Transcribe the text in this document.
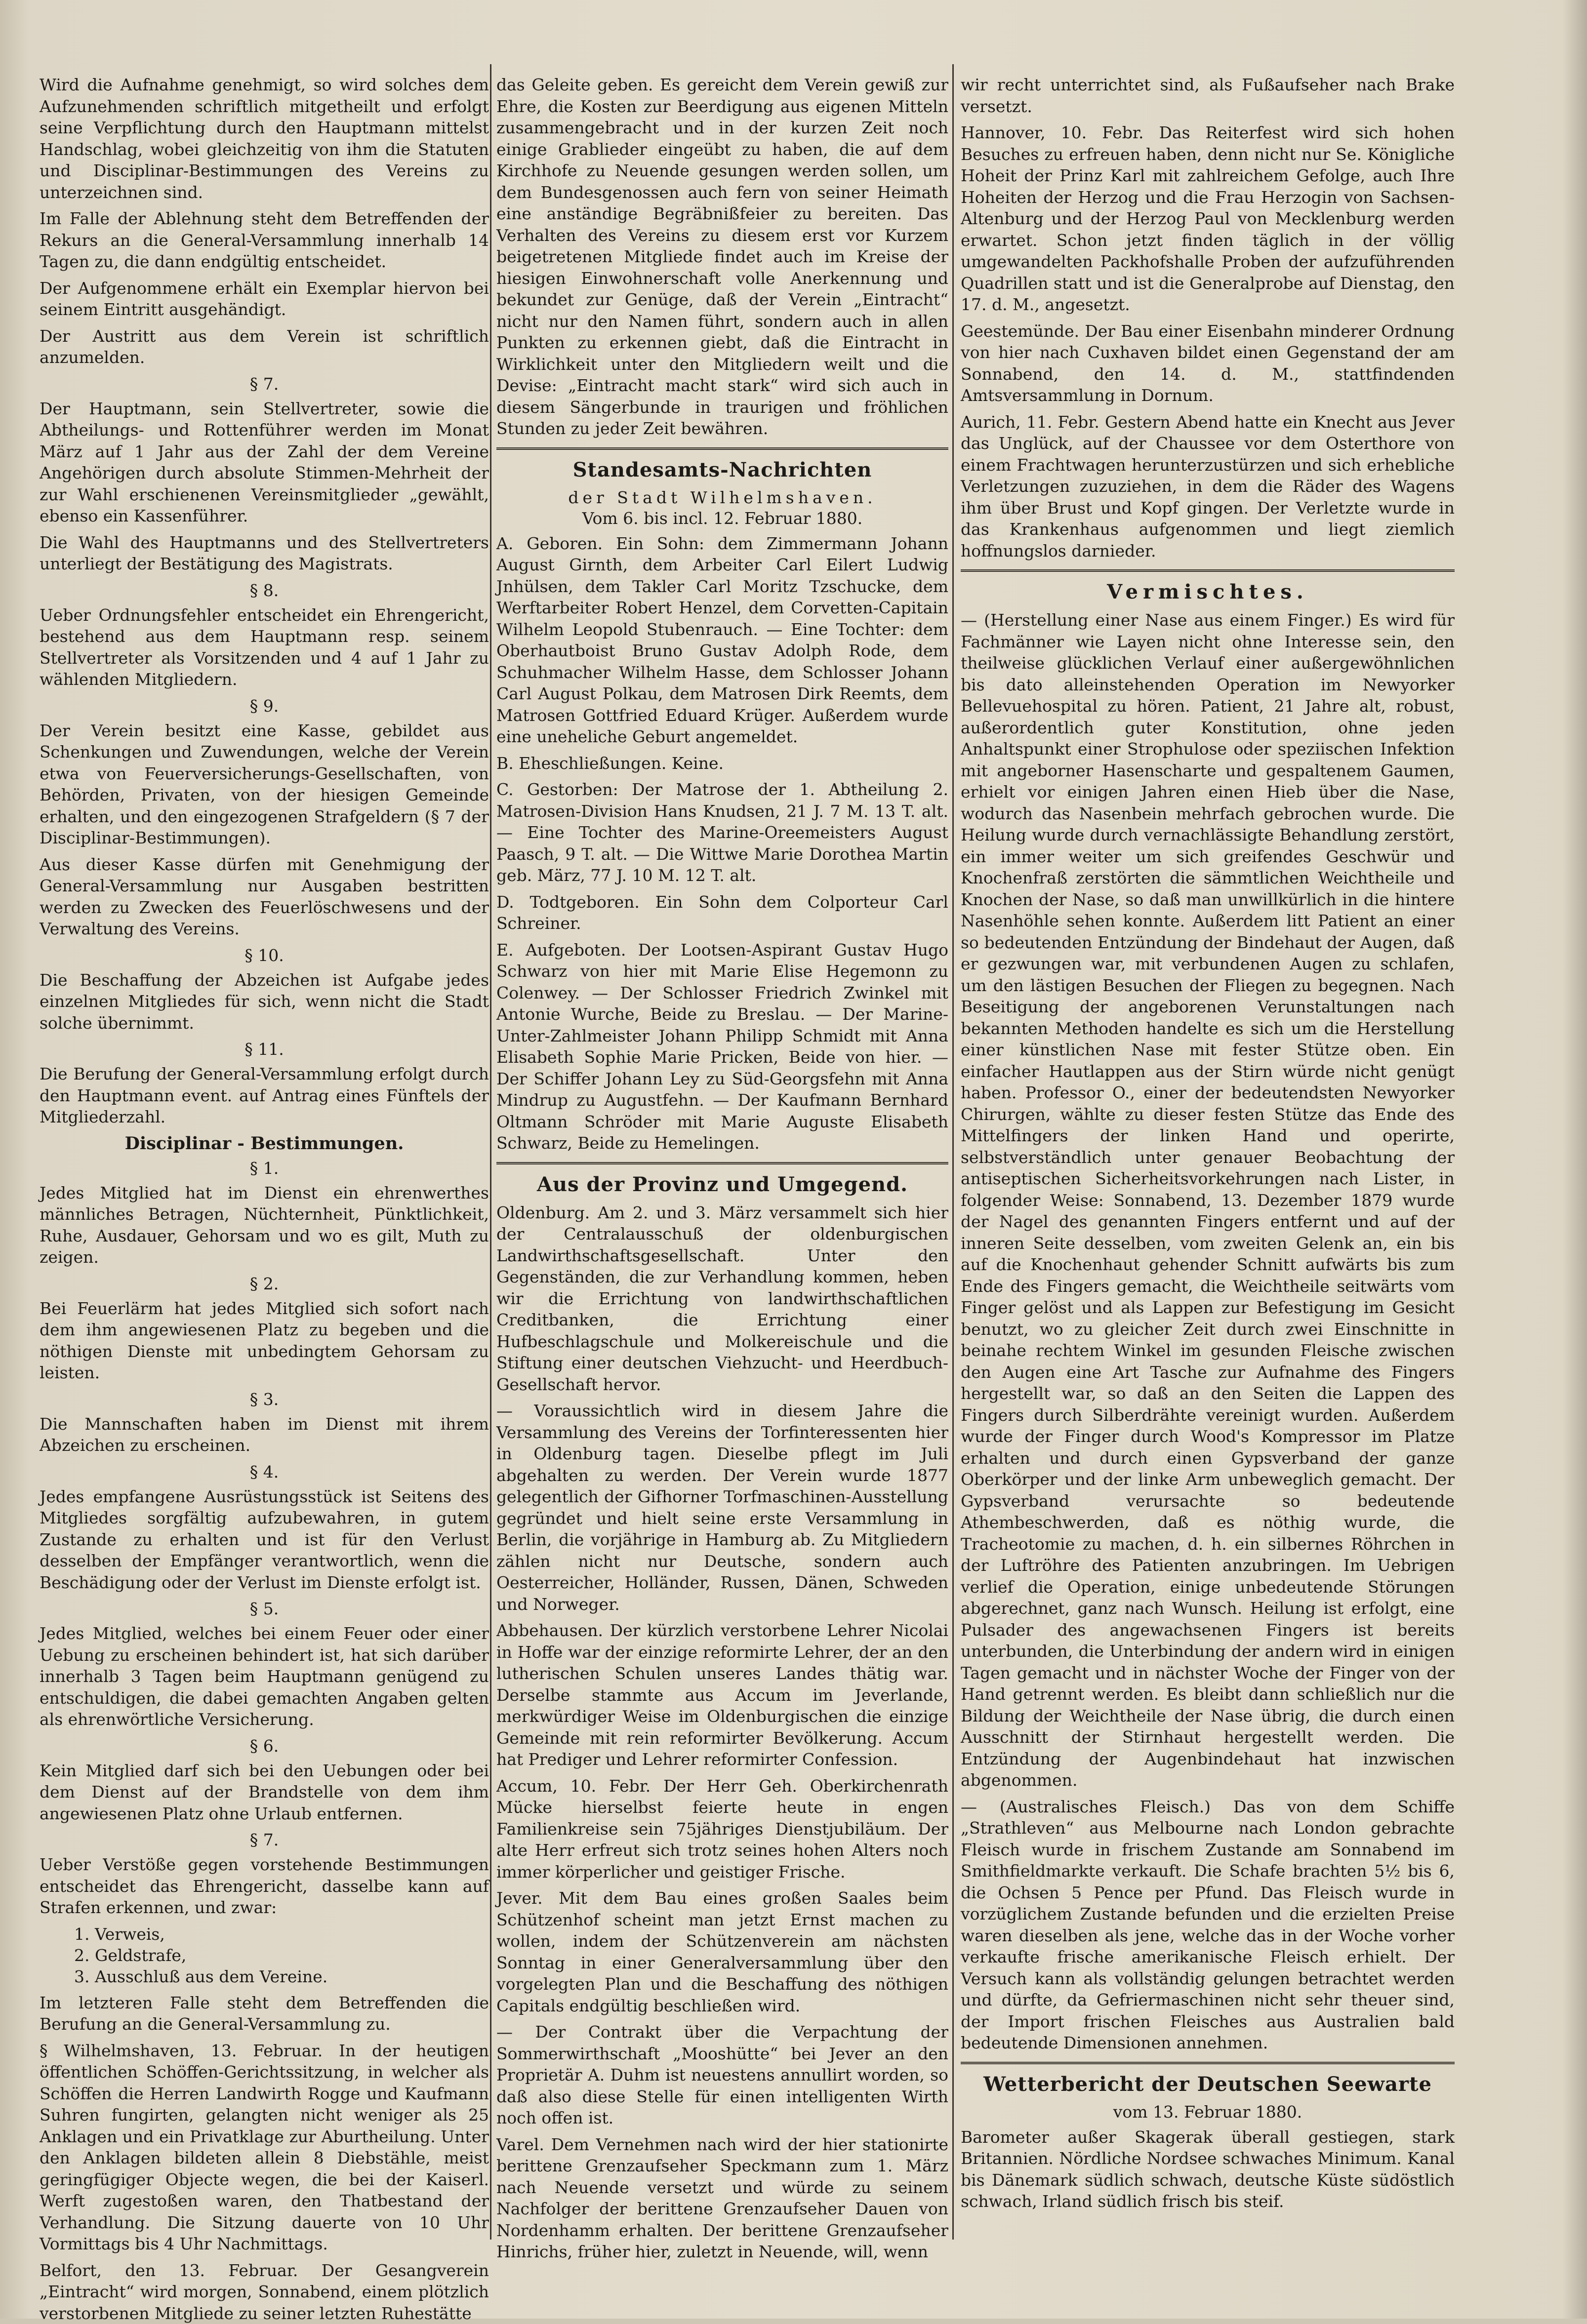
Wird die Aufnahme genehmigt, so wird solches dem Aufzunehmenden schriftlich mitgetheilt und erfolgt seine Verpflichtung durch den Hauptmann mittelst Handschlag, wobei gleichzeitig von ihm die Statuten und Disciplinar-Bestimmungen des Vereins zu unterzeichnen sind.

Im Falle der Ablehnung steht dem Betreffenden der Rekurs an die General-Versammlung innerhalb 14 Tagen zu, die dann endgültig entscheidet.

Der Aufgenommene erhält ein Exemplar hiervon bei seinem Eintritt ausgehändigt.

Der Austritt aus dem Verein ist schriftlich anzumelden.

§ 7.

Der Hauptmann, sein Stellvertreter, sowie die Abtheilungs- und Rottenführer werden im Monat März auf 1 Jahr aus der Zahl der dem Vereine Angehörigen durch absolute Stimmen-Mehrheit der zur Wahl erschienenen Vereinsmitglieder „gewählt, ebenso ein Kassenführer.

Die Wahl des Hauptmanns und des Stellvertreters unterliegt der Bestätigung des Magistrats.

§ 8.

Ueber Ordnungsfehler entscheidet ein Ehrengericht, bestehend aus dem Hauptmann resp. seinem Stellvertreter als Vorsitzenden und 4 auf 1 Jahr zu wählenden Mitgliedern.

§ 9.

Der Verein besitzt eine Kasse, gebildet aus Schenkungen und Zuwendungen, welche der Verein etwa von Feuerversicherungs-Gesellschaften, von Behörden, Privaten, von der hiesigen Gemeinde erhalten, und den eingezogenen Strafgeldern (§ 7 der Disciplinar-Bestimmungen).

Aus dieser Kasse dürfen mit Genehmigung der General-Versammlung nur Ausgaben bestritten werden zu Zwecken des Feuerlöschwesens und der Verwaltung des Vereins.

§ 10.

Die Beschaffung der Abzeichen ist Aufgabe jedes einzelnen Mitgliedes für sich, wenn nicht die Stadt solche übernimmt.

§ 11.

Die Berufung der General-Versammlung erfolgt durch den Hauptmann event. auf Antrag eines Fünftels der Mitgliederzahl.

Disciplinar - Bestimmungen.
§ 1.

Jedes Mitglied hat im Dienst ein ehrenwerthes männliches Betragen, Nüchternheit, Pünktlichkeit, Ruhe, Ausdauer, Gehorsam und wo es gilt, Muth zu zeigen.

§ 2.

Bei Feuerlärm hat jedes Mitglied sich sofort nach dem ihm angewiesenen Platz zu begeben und die nöthigen Dienste mit unbedingtem Gehorsam zu leisten.

§ 3.

Die Mannschaften haben im Dienst mit ihrem Abzeichen zu erscheinen.

§ 4.

Jedes empfangene Ausrüstungsstück ist Seitens des Mitgliedes sorgfältig aufzubewahren, in gutem Zustande zu erhalten und ist für den Verlust desselben der Empfänger verantwortlich, wenn die Beschädigung oder der Verlust im Dienste erfolgt ist.

§ 5.

Jedes Mitglied, welches bei einem Feuer oder einer Uebung zu erscheinen behindert ist, hat sich darüber innerhalb 3 Tagen beim Hauptmann genügend zu entschuldigen, die dabei gemachten Angaben gelten als ehrenwörtliche Versicherung.

§ 6.

Kein Mitglied darf sich bei den Uebungen oder bei dem Dienst auf der Brandstelle von dem ihm angewiesenen Platz ohne Urlaub entfernen.

§ 7.

Ueber Verstöße gegen vorstehende Bestimmungen entscheidet das Ehrengericht, dasselbe kann auf Strafen erkennen, und zwar:

1. Verweis,
2. Geldstrafe,
3. Ausschluß aus dem Vereine.

Im letzteren Falle steht dem Betreffenden die Berufung an die General-Versammlung zu.

§ Wilhelmshaven, 13. Februar. In der heutigen öffentlichen Schöffen-Gerichtssitzung, in welcher als Schöffen die Herren Landwirth Rogge und Kaufmann Suhren fungirten, gelangten nicht weniger als 25 Anklagen und ein Privatklage zur Aburtheilung. Unter den Anklagen bildeten allein 8 Diebstähle, meist geringfügiger Objecte wegen, die bei der Kaiserl. Werft zugestoßen waren, den Thatbestand der Verhandlung. Die Sitzung dauerte von 10 Uhr Vormittags bis 4 Uhr Nachmittags.

Belfort, den 13. Februar. Der Gesangverein „Eintracht“ wird morgen, Sonnabend, einem plötzlich verstorbenen Mitgliede zu seiner letzten Ruhestätte

das Geleite geben. Es gereicht dem Verein gewiß zur Ehre, die Kosten zur Beerdigung aus eigenen Mitteln zusammengebracht und in der kurzen Zeit noch einige Grablieder eingeübt zu haben, die auf dem Kirchhofe zu Neuende gesungen werden sollen, um dem Bundesgenossen auch fern von seiner Heimath eine anständige Begräbnißfeier zu bereiten. Das Verhalten des Vereins zu diesem erst vor Kurzem beigetretenen Mitgliede findet auch im Kreise der hiesigen Einwohnerschaft volle Anerkennung und bekundet zur Genüge, daß der Verein „Eintracht“ nicht nur den Namen führt, sondern auch in allen Punkten zu erkennen giebt, daß die Eintracht in Wirklichkeit unter den Mitgliedern weilt und die Devise: „Eintracht macht stark“ wird sich auch in diesem Sängerbunde in traurigen und fröhlichen Stunden zu jeder Zeit bewähren.

Standesamts-Nachrichten
der Stadt Wilhelmshaven.
Vom 6. bis incl. 12. Februar 1880.

A. Geboren. Ein Sohn: dem Zimmermann Johann August Girnth, dem Arbeiter Carl Eilert Ludwig Jnhülsen, dem Takler Carl Moritz Tzschucke, dem Werftarbeiter Robert Henzel, dem Corvetten-Capitain Wilhelm Leopold Stubenrauch. — Eine Tochter: dem Oberhautboist Bruno Gustav Adolph Rode, dem Schuhmacher Wilhelm Hasse, dem Schlosser Johann Carl August Polkau, dem Matrosen Dirk Reemts, dem Matrosen Gottfried Eduard Krüger. Außerdem wurde eine uneheliche Geburt angemeldet.

B. Eheschließungen. Keine.

C. Gestorben: Der Matrose der 1. Abtheilung 2. Matrosen-Division Hans Knudsen, 21 J. 7 M. 13 T. alt. — Eine Tochter des Marine-Oreemeisters August Paasch, 9 T. alt. — Die Wittwe Marie Dorothea Martin geb. März, 77 J. 10 M. 12 T. alt.

D. Todtgeboren. Ein Sohn dem Colporteur Carl Schreiner.

E. Aufgeboten. Der Lootsen-Aspirant Gustav Hugo Schwarz von hier mit Marie Elise Hegemonn zu Colenwey. — Der Schlosser Friedrich Zwinkel mit Antonie Wurche, Beide zu Breslau. — Der Marine-Unter-Zahlmeister Johann Philipp Schmidt mit Anna Elisabeth Sophie Marie Pricken, Beide von hier. — Der Schiffer Johann Ley zu Süd-Georgsfehn mit Anna Mindrup zu Augustfehn. — Der Kaufmann Bernhard Oltmann Schröder mit Marie Auguste Elisabeth Schwarz, Beide zu Hemelingen.

Aus der Provinz und Umgegend.

Oldenburg. Am 2. und 3. März versammelt sich hier der Centralausschuß der oldenburgischen Landwirthschaftsgesellschaft. Unter den Gegenständen, die zur Verhandlung kommen, heben wir die Errichtung von landwirthschaftlichen Creditbanken, die Errichtung einer Hufbeschlagschule und Molkereischule und die Stiftung einer deutschen Viehzucht- und Heerdbuch-Gesellschaft hervor.

— Voraussichtlich wird in diesem Jahre die Versammlung des Vereins der Torfinteressenten hier in Oldenburg tagen. Dieselbe pflegt im Juli abgehalten zu werden. Der Verein wurde 1877 gelegentlich der Gifhorner Torfmaschinen-Ausstellung gegründet und hielt seine erste Versammlung in Berlin, die vorjährige in Hamburg ab. Zu Mitgliedern zählen nicht nur Deutsche, sondern auch Oesterreicher, Holländer, Russen, Dänen, Schweden und Norweger.

Abbehausen. Der kürzlich verstorbene Lehrer Nicolai in Hoffe war der einzige reformirte Lehrer, der an den lutherischen Schulen unseres Landes thätig war. Derselbe stammte aus Accum im Jeverlande, merkwürdiger Weise im Oldenburgischen die einzige Gemeinde mit rein reformirter Bevölkerung. Accum hat Prediger und Lehrer reformirter Confession.

Accum, 10. Febr. Der Herr Geh. Oberkirchenrath Mücke hierselbst feierte heute in engen Familienkreise sein 75jähriges Dienstjubiläum. Der alte Herr erfreut sich trotz seines hohen Alters noch immer körperlicher und geistiger Frische.

Jever. Mit dem Bau eines großen Saales beim Schützenhof scheint man jetzt Ernst machen zu wollen, indem der Schützenverein am nächsten Sonntag in einer Generalversammlung über den vorgelegten Plan und die Beschaffung des nöthigen Capitals endgültig beschließen wird.

— Der Contrakt über die Verpachtung der Sommerwirthschaft „Mooshütte“ bei Jever an den Proprietär A. Duhm ist neuestens annullirt worden, so daß also diese Stelle für einen intelligenten Wirth noch offen ist.

Varel. Dem Vernehmen nach wird der hier stationirte berittene Grenzaufseher Speckmann zum 1. März nach Neuende versetzt und würde zu seinem Nachfolger der berittene Grenzaufseher Dauen von Nordenhamm erhalten. Der berittene Grenzaufseher Hinrichs, früher hier, zuletzt in Neuende, will, wenn

wir recht unterrichtet sind, als Fußaufseher nach Brake versetzt.

Hannover, 10. Febr. Das Reiterfest wird sich hohen Besuches zu erfreuen haben, denn nicht nur Se. Königliche Hoheit der Prinz Karl mit zahlreichem Gefolge, auch Ihre Hoheiten der Herzog und die Frau Herzogin von Sachsen-Altenburg und der Herzog Paul von Mecklenburg werden erwartet. Schon jetzt finden täglich in der völlig umgewandelten Packhofshalle Proben der aufzuführenden Quadrillen statt und ist die Generalprobe auf Dienstag, den 17. d. M., angesetzt.

Geestemünde. Der Bau einer Eisenbahn minderer Ordnung von hier nach Cuxhaven bildet einen Gegenstand der am Sonnabend, den 14. d. M., stattfindenden Amtsversammlung in Dornum.

Aurich, 11. Febr. Gestern Abend hatte ein Knecht aus Jever das Unglück, auf der Chaussee vor dem Osterthore von einem Frachtwagen herunterzustürzen und sich erhebliche Verletzungen zuzuziehen, in dem die Räder des Wagens ihm über Brust und Kopf gingen. Der Verletzte wurde in das Krankenhaus aufgenommen und liegt ziemlich hoffnungslos darnieder.

Vermischtes.

— (Herstellung einer Nase aus einem Finger.) Es wird für Fachmänner wie Layen nicht ohne Interesse sein, den theilweise glücklichen Verlauf einer außergewöhnlichen bis dato alleinstehenden Operation im Newyorker Bellevuehospital zu hören. Patient, 21 Jahre alt, robust, außerordentlich guter Konstitution, ohne jeden Anhaltspunkt einer Strophulose oder speziischen Infektion mit angeborner Hasenscharte und gespaltenem Gaumen, erhielt vor einigen Jahren einen Hieb über die Nase, wodurch das Nasenbein mehrfach gebrochen wurde. Die Heilung wurde durch vernachlässigte Behandlung zerstört, ein immer weiter um sich greifendes Geschwür und Knochenfraß zerstörten die sämmtlichen Weichtheile und Knochen der Nase, so daß man unwillkürlich in die hintere Nasenhöhle sehen konnte. Außerdem litt Patient an einer so bedeutenden Entzündung der Bindehaut der Augen, daß er gezwungen war, mit verbundenen Augen zu schlafen, um den lästigen Besuchen der Fliegen zu begegnen. Nach Beseitigung der angeborenen Verunstaltungen nach bekannten Methoden handelte es sich um die Herstellung einer künstlichen Nase mit fester Stütze oben. Ein einfacher Hautlappen aus der Stirn würde nicht genügt haben. Professor O., einer der bedeutendsten Newyorker Chirurgen, wählte zu dieser festen Stütze das Ende des Mittelfingers der linken Hand und operirte, selbstverständlich unter genauer Beobachtung der antiseptischen Sicherheitsvorkehrungen nach Lister, in folgender Weise: Sonnabend, 13. Dezember 1879 wurde der Nagel des genannten Fingers entfernt und auf der inneren Seite desselben, vom zweiten Gelenk an, ein bis auf die Knochenhaut gehender Schnitt aufwärts bis zum Ende des Fingers gemacht, die Weichtheile seitwärts vom Finger gelöst und als Lappen zur Befestigung im Gesicht benutzt, wo zu gleicher Zeit durch zwei Einschnitte in beinahe rechtem Winkel im gesunden Fleische zwischen den Augen eine Art Tasche zur Aufnahme des Fingers hergestellt war, so daß an den Seiten die Lappen des Fingers durch Silberdrähte vereinigt wurden. Außerdem wurde der Finger durch Wood's Kompressor im Platze erhalten und durch einen Gypsverband der ganze Oberkörper und der linke Arm unbeweglich gemacht. Der Gypsverband verursachte so bedeutende Athembeschwerden, daß es nöthig wurde, die Tracheotomie zu machen, d. h. ein silbernes Röhrchen in der Luftröhre des Patienten anzubringen. Im Uebrigen verlief die Operation, einige unbedeutende Störungen abgerechnet, ganz nach Wunsch. Heilung ist erfolgt, eine Pulsader des angewachsenen Fingers ist bereits unterbunden, die Unterbindung der andern wird in einigen Tagen gemacht und in nächster Woche der Finger von der Hand getrennt werden. Es bleibt dann schließlich nur die Bildung der Weichtheile der Nase übrig, die durch einen Ausschnitt der Stirnhaut hergestellt werden. Die Entzündung der Augenbindehaut hat inzwischen abgenommen.

— (Australisches Fleisch.) Das von dem Schiffe „Strathleven“ aus Melbourne nach London gebrachte Fleisch wurde in frischem Zustande am Sonnabend im Smithfieldmarkte verkauft. Die Schafe brachten 5½ bis 6, die Ochsen 5 Pence per Pfund. Das Fleisch wurde in vorzüglichem Zustande befunden und die erzielten Preise waren dieselben als jene, welche das in der Woche vorher verkaufte frische amerikanische Fleisch erhielt. Der Versuch kann als vollständig gelungen betrachtet werden und dürfte, da Gefriermaschinen nicht sehr theuer sind, der Import frischen Fleisches aus Australien bald bedeutende Dimensionen annehmen.

Wetterbericht der Deutschen Seewarte
vom 13. Februar 1880.

Barometer außer Skagerak überall gestiegen, stark Britannien. Nördliche Nordsee schwaches Minimum. Kanal bis Dänemark südlich schwach, deutsche Küste südöstlich schwach, Irland südlich frisch bis steif.
